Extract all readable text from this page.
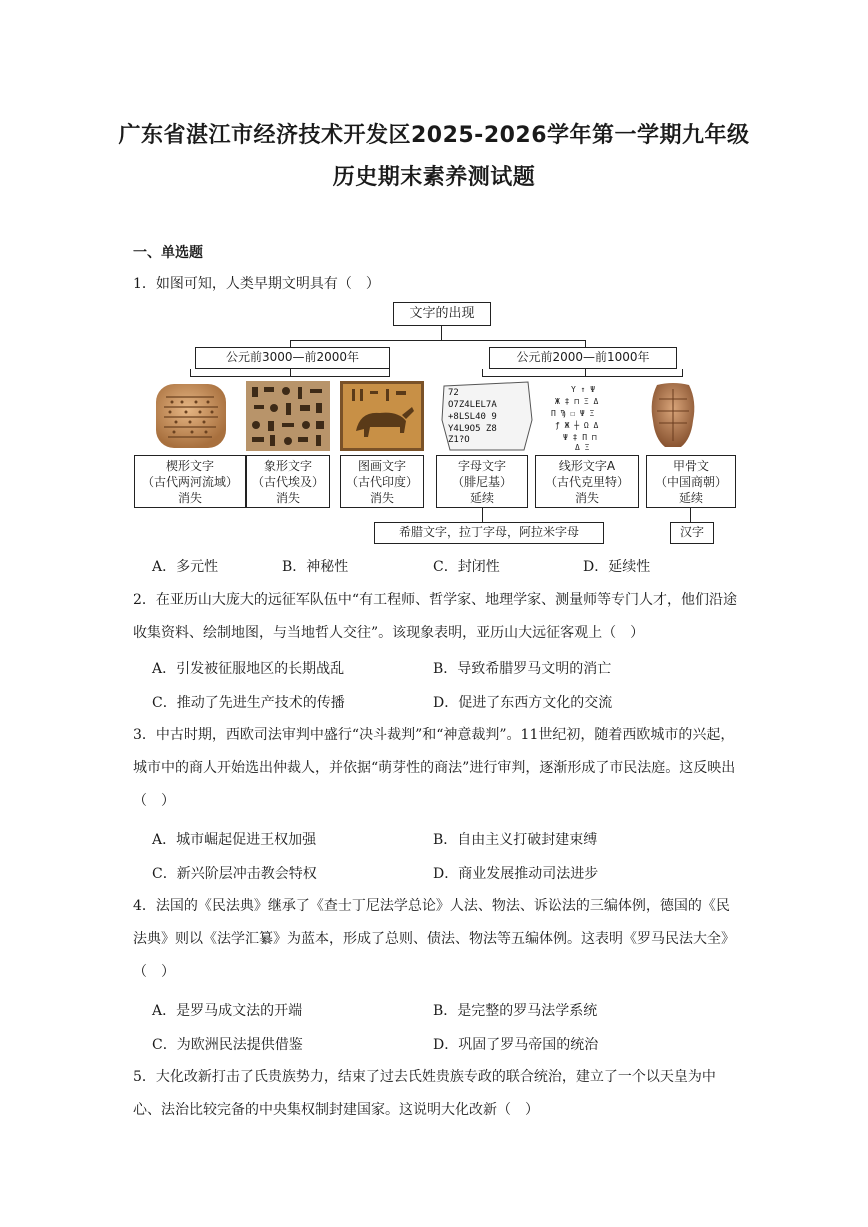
广东省湛江市经济技术开发区2025-2026学年第一学期九年级
历史期末素养测试题
一、单选题
1．如图可知，人类早期文明具有（　）
文字的出现
公元前3000—前2000年	公元前2000—前1000年
72
O7Z4LEL7A
+8LSL40 9
Y4L9O5 Z8
Z1?O
Y ↑ Ψ
Ж ‡ ⊓ Ξ Δ
Π Ϡ ☐ Ψ Ξ
ƒ Ж ┼ Ω Δ
Ψ ‡ Π ⊓
Δ Ξ
楔形文字
（古代两河流域）
消失
象形文字
（古代埃及）
消失
图画文字
（古代印度）
消失
字母文字
（腓尼基）
延续
线形文字A
（古代克里特）
消失
甲骨文
（中国商朝）
延续
希腊文字，拉丁字母，阿拉米字母	汉字
A．多元性	B．神秘性	C．封闭性	D．延续性
2．在亚历山大庞大的远征军队伍中“有工程师、哲学家、地理学家、测量师等专门人才，他们沿途收集资料、绘制地图，与当地哲人交往”。该现象表明，亚历山大远征客观上（　）
A．引发被征服地区的长期战乱	B．导致希腊罗马文明的消亡
C．推动了先进生产技术的传播	D．促进了东西方文化的交流
3．中古时期，西欧司法审判中盛行“决斗裁判”和“神意裁判”。11世纪初，随着西欧城市的兴起，城市中的商人开始选出仲裁人，并依据“萌芽性的商法”进行审判，逐渐形成了市民法庭。这反映出（　）
A．城市崛起促进王权加强	B．自由主义打破封建束缚
C．新兴阶层冲击教会特权	D．商业发展推动司法进步
4．法国的《民法典》继承了《查士丁尼法学总论》人法、物法、诉讼法的三编体例，德国的《民法典》则以《法学汇纂》为蓝本，形成了总则、债法、物法等五编体例。这表明《罗马民法大全》（　）
A．是罗马成文法的开端	B．是完整的罗马法学系统
C．为欧洲民法提供借鉴	D．巩固了罗马帝国的统治
5．大化改新打击了氏贵族势力，结束了过去氏姓贵族专政的联合统治，建立了一个以天皇为中心、法治比较完备的中央集权制封建国家。这说明大化改新（　）
